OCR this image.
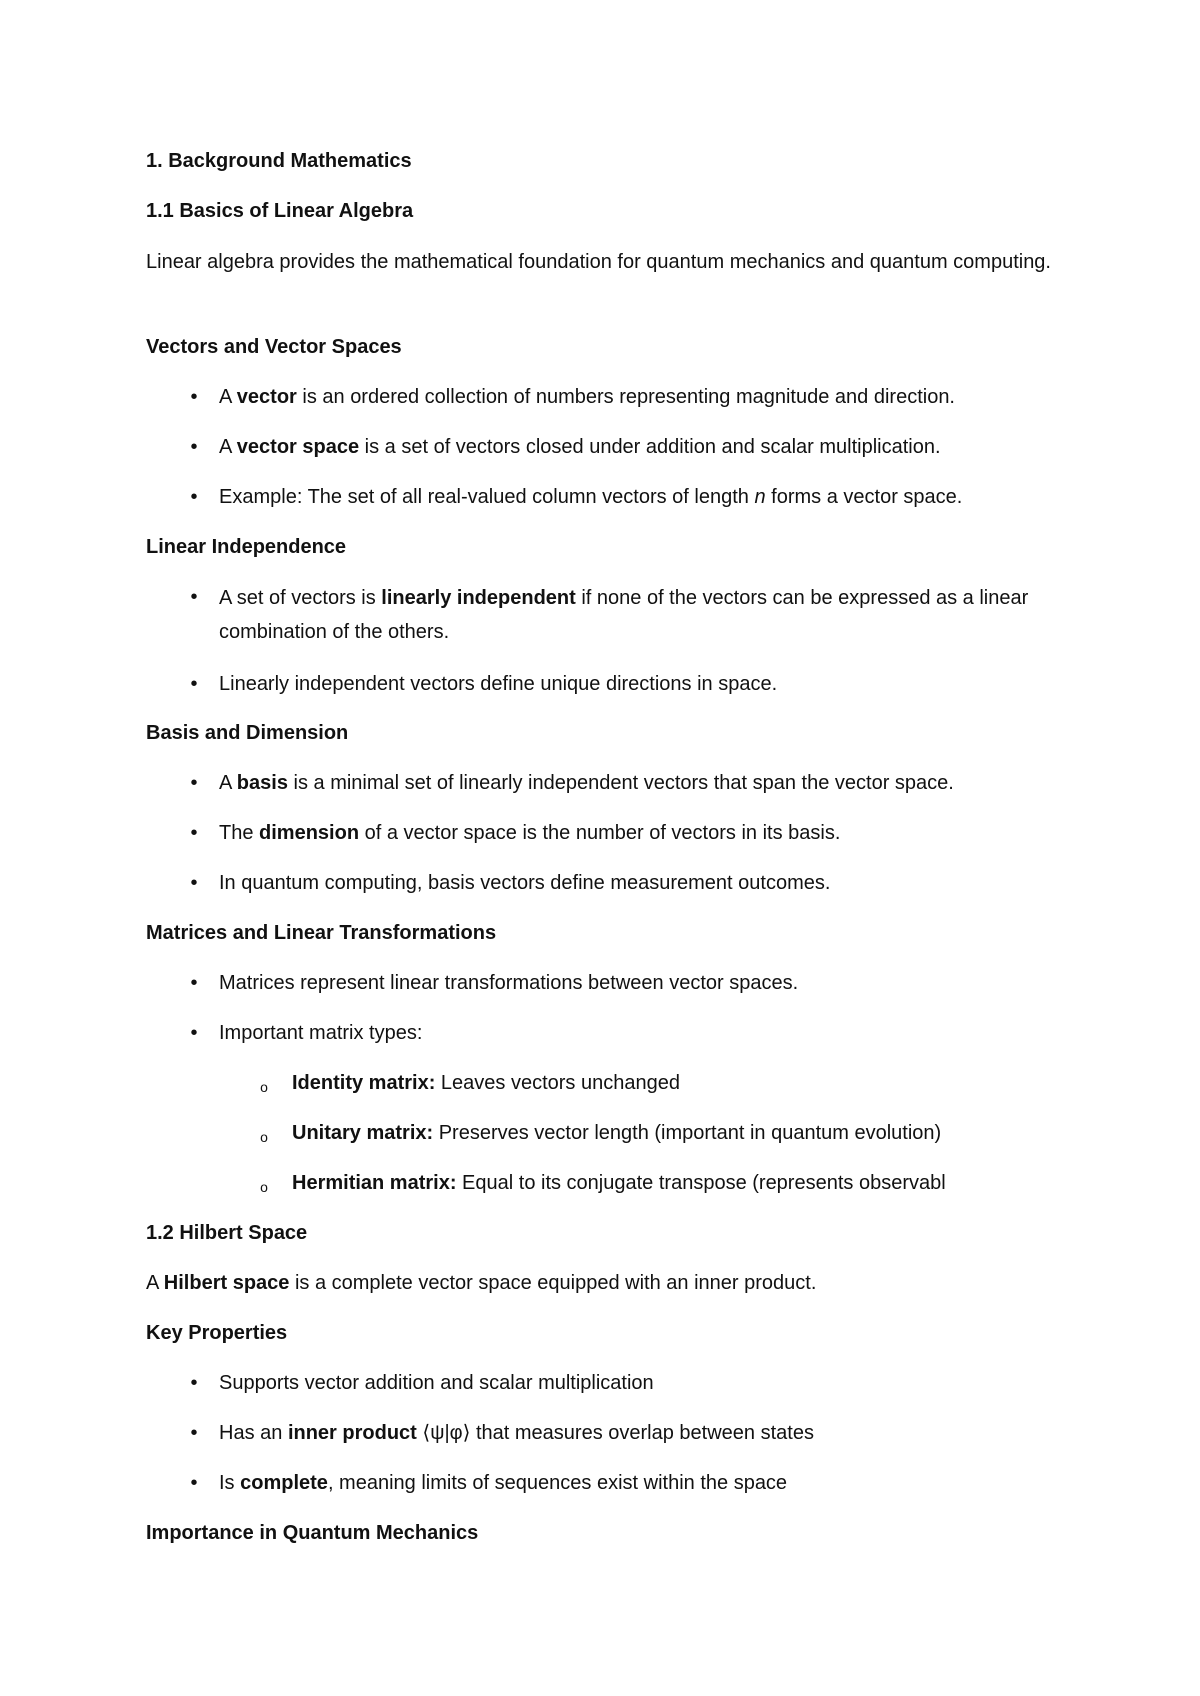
1. Background Mathematics
1.1 Basics of Linear Algebra
Linear algebra provides the mathematical foundation for quantum mechanics and quantum computing.
Vectors and Vector Spaces
•	A vector is an ordered collection of numbers representing magnitude and direction.
•	A vector space is a set of vectors closed under addition and scalar multiplication.
•	Example: The set of all real-valued column vectors of length n forms a vector space.
Linear Independence
•	A set of vectors is linearly independent if none of the vectors can be expressed as a linear combination of the others.
•	Linearly independent vectors define unique directions in space.
Basis and Dimension
•	A basis is a minimal set of linearly independent vectors that span the vector space.
•	The dimension of a vector space is the number of vectors in its basis.
•	In quantum computing, basis vectors define measurement outcomes.
Matrices and Linear Transformations
•	Matrices represent linear transformations between vector spaces.
•	Important matrix types:
o	Identity matrix: Leaves vectors unchanged
o	Unitary matrix: Preserves vector length (important in quantum evolution)
o	Hermitian matrix: Equal to its conjugate transpose (represents observabl
1.2 Hilbert Space
A Hilbert space is a complete vector space equipped with an inner product.
Key Properties
•	Supports vector addition and scalar multiplication
•	Has an inner product ⟨ψ|φ⟩ that measures overlap between states
•	Is complete, meaning limits of sequences exist within the space
Importance in Quantum Mechanics
